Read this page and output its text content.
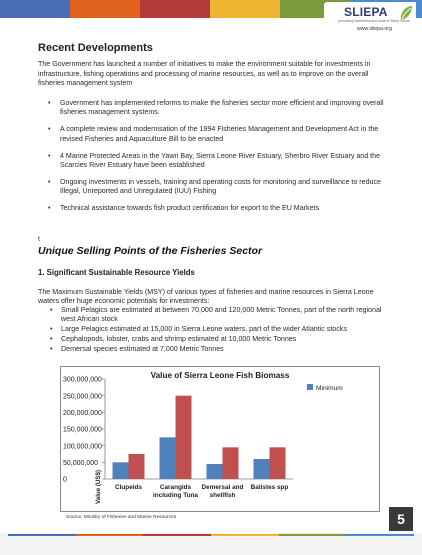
SLIEPA
promoting investment and trade in Sierra Leone
www.sliepa.org
Recent Developments
The Government has launched a number of initiatives to make the environment suitable for investments in infrastructure, fishing operations and processing of marine resources, as well as to improve on the overall fisheries management system
• Government has implemented reforms to make the fisheries sector more efficient and improving overall fisheries management systems.
• A complete review and modernisation of the 1994 Fisheries Management and Development Act in the revised Fisheries and Aquaculture Bill to be enacted
• 4 Marine Protected Areas in the Yawri Bay, Sierra Leone River Estuary, Sherbro River Estuary and the Scarcies River Estuary have been established
• Ongoing investments in vessels, training and operating costs for monitoring and surveillance to reduce Illegal, Unreported and Unregulated (IUU) Fishing
• Technical assistance towards fish product certification for export to the EU Markets
t
Unique Selling Points of the Fisheries Sector
1. Significant Sustainable Resource Yields
The Maximum Sustainable Yields (MSY) of various types of fisheries and marine resources in Sierra Leone waters offer huge economic potentials for investments:
• Small Pelagics are estimated at between 70,000 and 120,000 Metric Tonnes, part of the north regional west African stock
• Large Pelagics estimated at 15,000 in Sierra Leone waters, part of the wider Atlantic stocks
• Cephalopods, lobster, crabs and shrimp estimated at 10,000 Metric Tonnes
• Demersal species estimated at 7,000 Metric Tonnes
Value of Sierra Leone Fish Biomass
0
50,000,000
100,000,000
150,000,000
200,000,000
250,000,000
300,000,000
Value (US$) Clupeids	Carangids
including Tuna
Demersal and
shellfish
Balistes spp
Minimum
Source: Ministry of Fisheries and Marine Resources	5
